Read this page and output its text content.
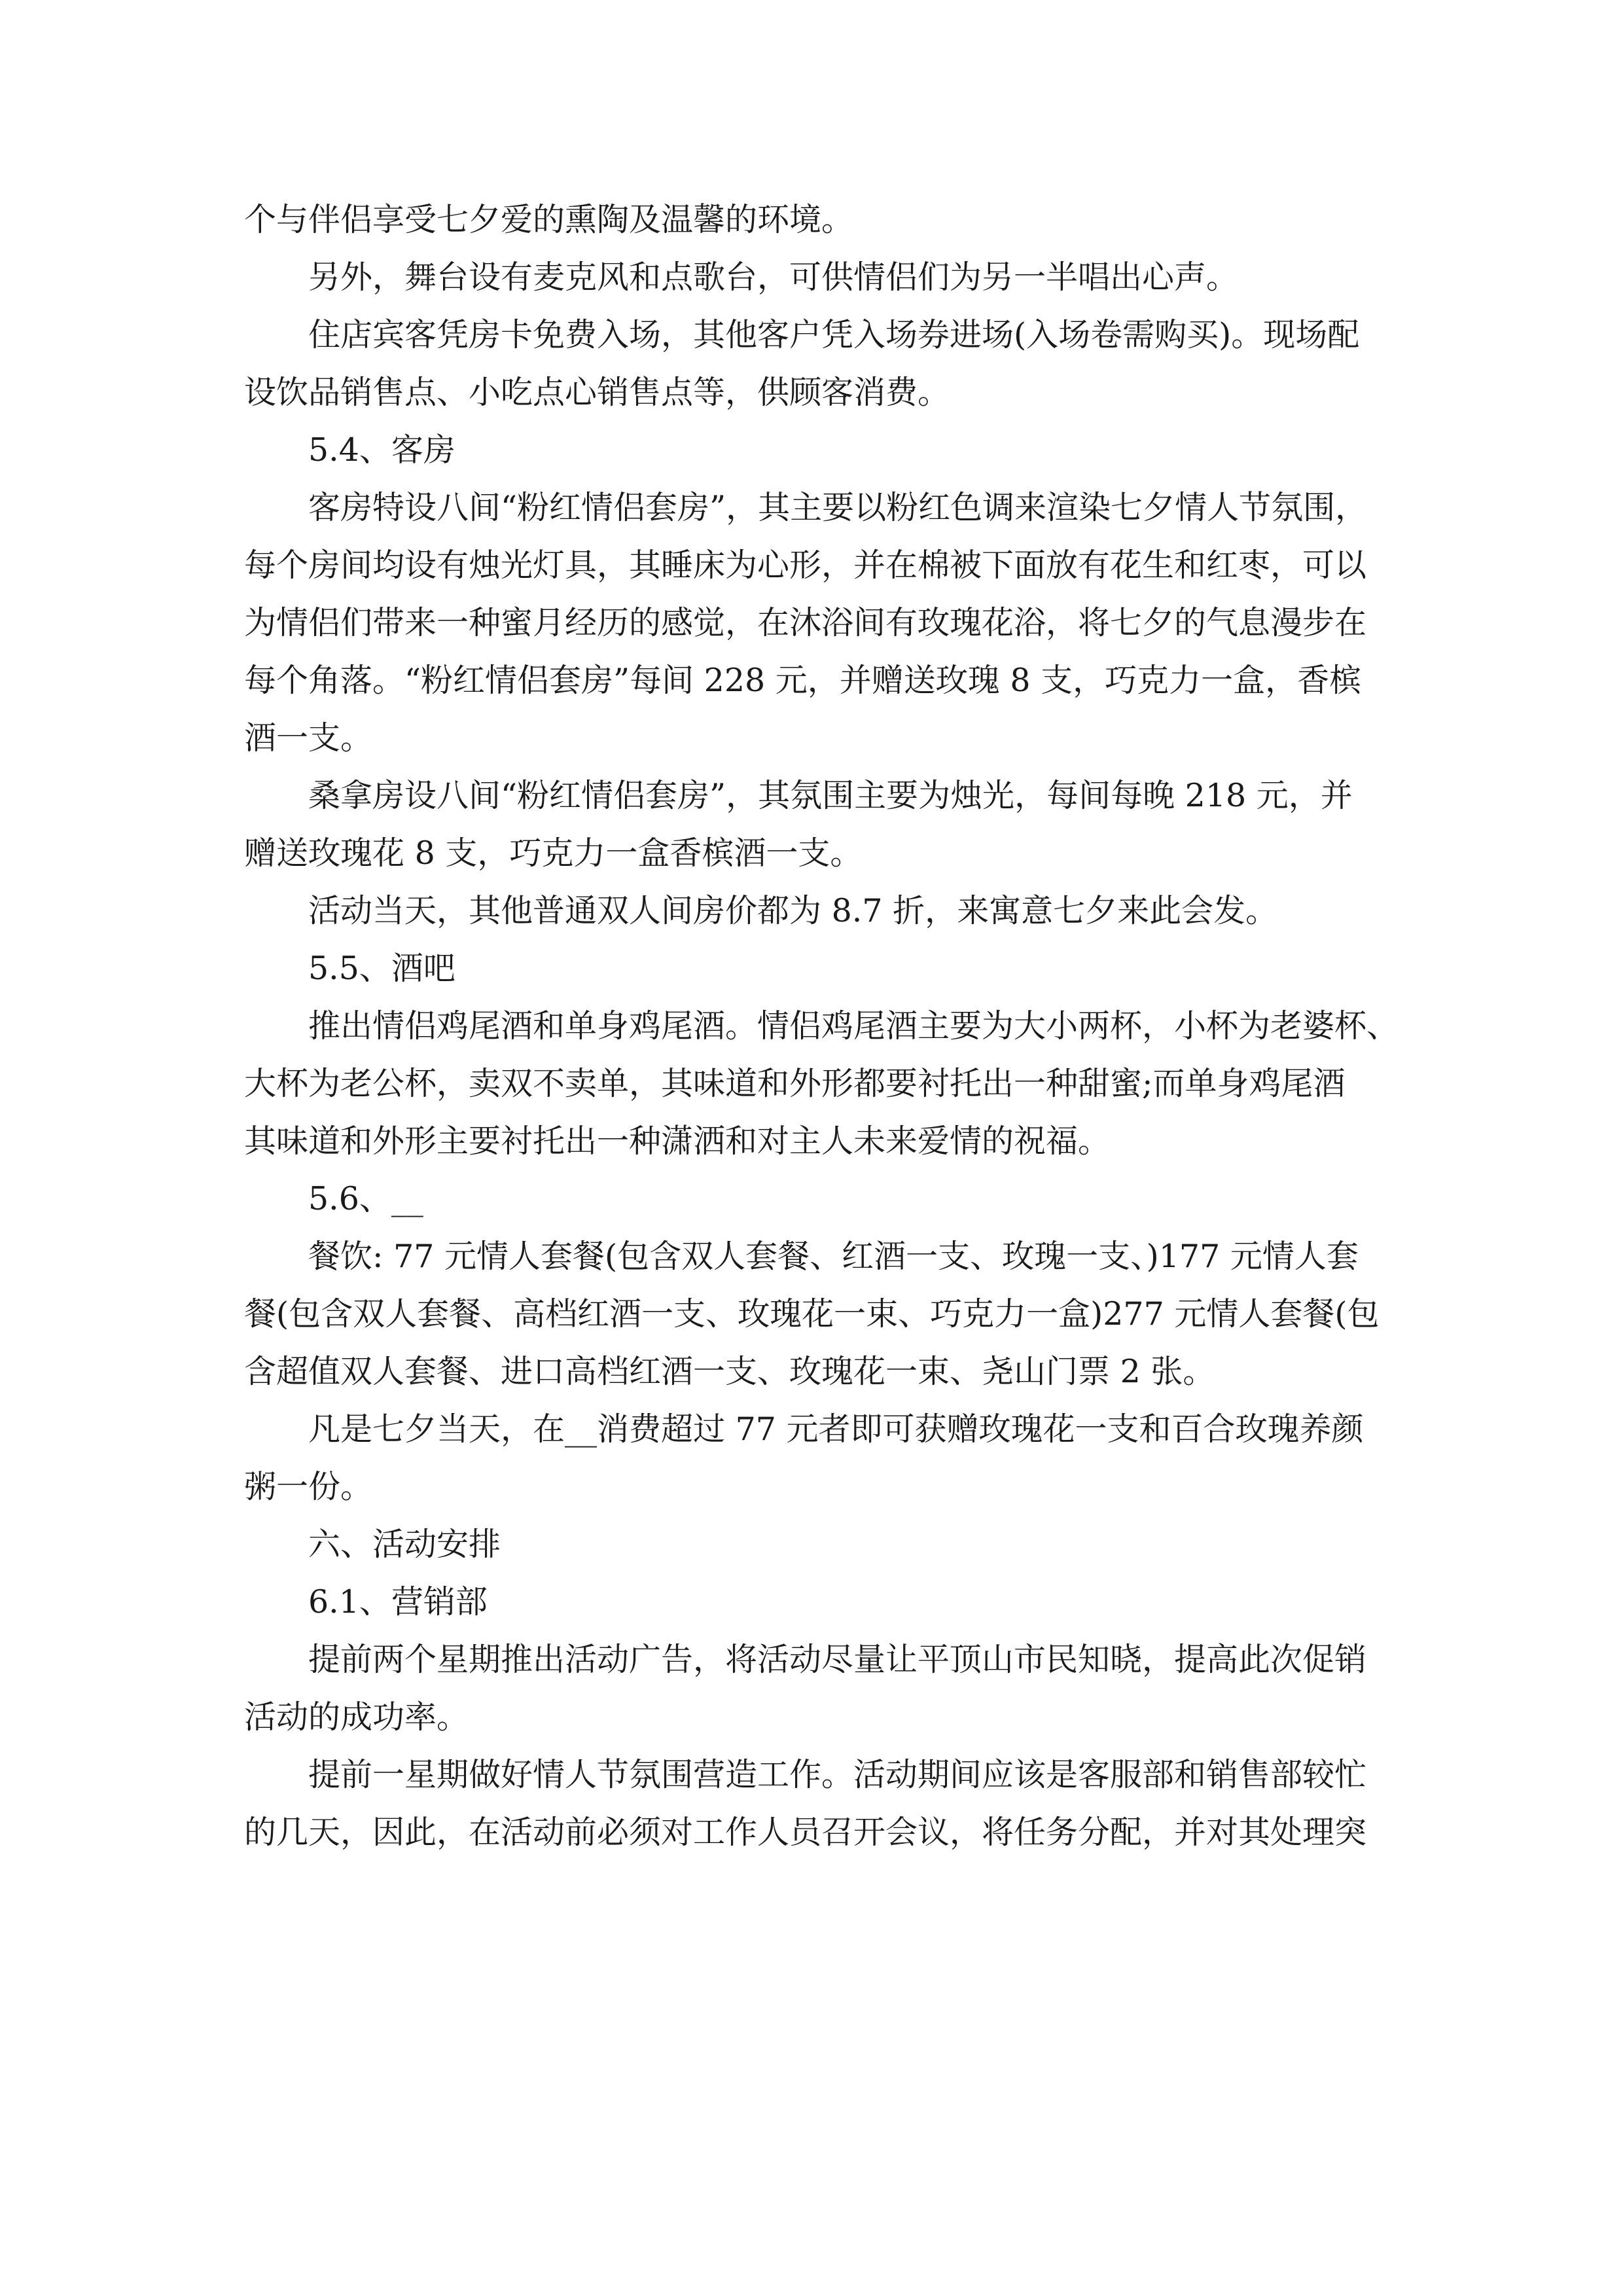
个与伴侣享受七夕爱的熏陶及温馨的环境。

　　另外，舞台设有麦克风和点歌台，可供情侣们为另一半唱出心声。

　　住店宾客凭房卡免费入场，其他客户凭入场券进场(入场卷需购买)。现场配

设饮品销售点、小吃点心销售点等，供顾客消费。

　　5.4、客房

　　客房特设八间“粉红情侣套房”，其主要以粉红色调来渲染七夕情人节氛围，

每个房间均设有烛光灯具，其睡床为心形，并在棉被下面放有花生和红枣，可以

为情侣们带来一种蜜月经历的感觉，在沐浴间有玫瑰花浴，将七夕的气息漫步在

每个角落。“粉红情侣套房”每间 228 元，并赠送玫瑰 8 支，巧克力一盒，香槟

酒一支。

　　桑拿房设八间“粉红情侣套房”，其氛围主要为烛光，每间每晚 218 元，并

赠送玫瑰花 8 支，巧克力一盒香槟酒一支。

　　活动当天，其他普通双人间房价都为 8.7 折，来寓意七夕来此会发。

　　5.5、酒吧

　　推出情侣鸡尾酒和单身鸡尾酒。情侣鸡尾酒主要为大小两杯，小杯为老婆杯、

大杯为老公杯，卖双不卖单，其味道和外形都要衬托出一种甜蜜;而单身鸡尾酒

其味道和外形主要衬托出一种潇洒和对主人未来爱情的祝福。

　　5.6、__

　　餐饮: 77 元情人套餐(包含双人套餐、红酒一支、玫瑰一支、)177 元情人套

餐(包含双人套餐、高档红酒一支、玫瑰花一束、巧克力一盒)277 元情人套餐(包

含超值双人套餐、进口高档红酒一支、玫瑰花一束、尧山门票 2 张。

　　凡是七夕当天，在__消费超过 77 元者即可获赠玫瑰花一支和百合玫瑰养颜

粥一份。

　　六、活动安排

　　6.1、营销部

　　提前两个星期推出活动广告，将活动尽量让平顶山市民知晓，提高此次促销

活动的成功率。

　　提前一星期做好情人节氛围营造工作。活动期间应该是客服部和销售部较忙

的几天，因此，在活动前必须对工作人员召开会议，将任务分配，并对其处理突
